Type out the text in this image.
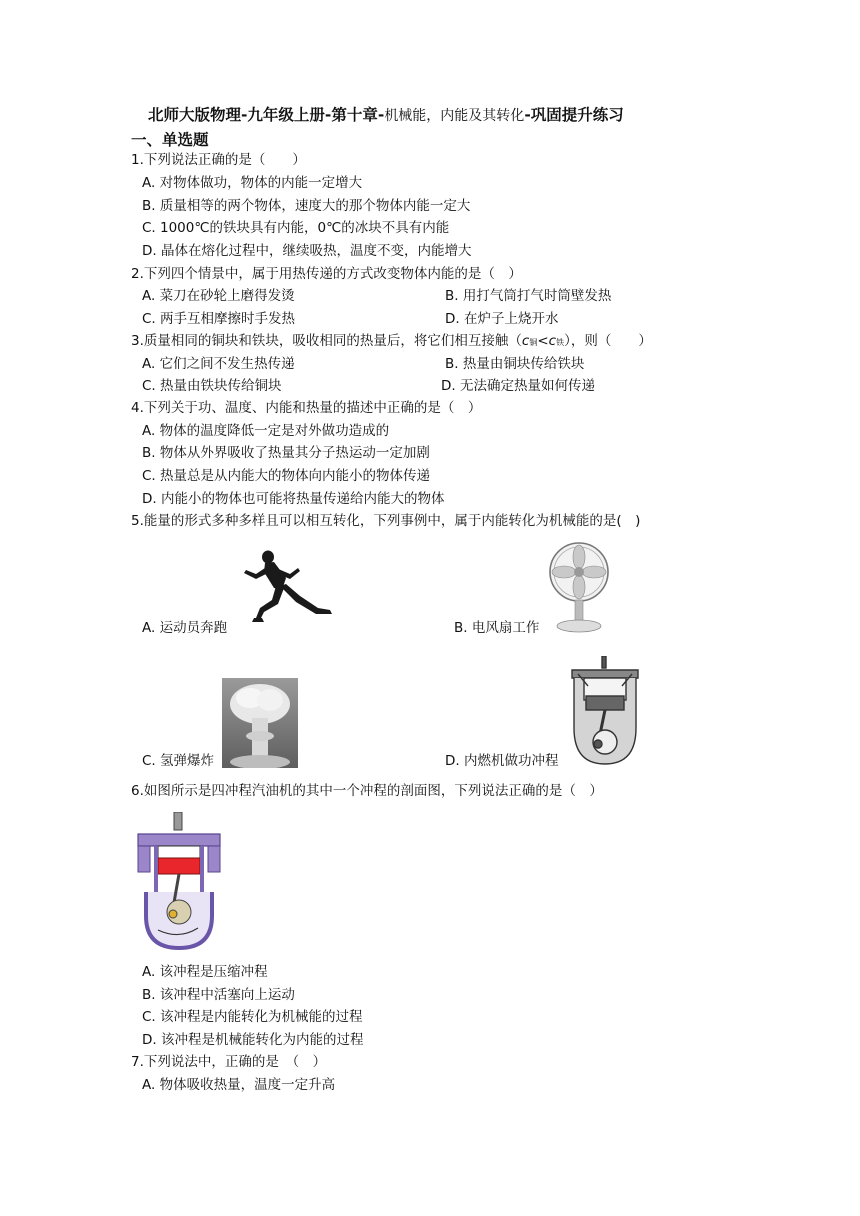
北师大版物理-九年级上册-第十章-机械能，内能及其转化-巩固提升练习
一、单选题
1.下列说法正确的是（　　）
A. 对物体做功，物体的内能一定增大
B. 质量相等的两个物体，速度大的那个物体内能一定大
C. 1000℃的铁块具有内能，0℃的冰块不具有内能
D. 晶体在熔化过程中，继续吸热，温度不变，内能增大
2.下列四个情景中，属于用热传递的方式改变物体内能的是（　）
A. 菜刀在砂轮上磨得发烫	B. 用打气筒打气时筒壁发热
C. 两手互相摩擦时手发热	D. 在炉子上烧开水
3.质量相同的铜块和铁块，吸收相同的热量后，将它们相互接触（c铜<c铁），则（　　）
A. 它们之间不发生热传递	B. 热量由铜块传给铁块
C. 热量由铁块传给铜块	D. 无法确定热量如何传递
4.下列关于功、温度、内能和热量的描述中正确的是（　）
A. 物体的温度降低一定是对外做功造成的
B. 物体从外界吸收了热量其分子热运动一定加剧
C. 热量总是从内能大的物体向内能小的物体传递
D. 内能小的物体也可能将热量传递给内能大的物体
5.能量的形式多种多样且可以相互转化，下列事例中，属于内能转化为机械能的是(　)
A. 运动员奔跑	B. 电风扇工作
C. 氢弹爆炸	D. 内燃机做功冲程
6.如图所示是四冲程汽油机的其中一个冲程的剖面图，下列说法正确的是（　）
A. 该冲程是压缩冲程
B. 该冲程中活塞向上运动
C. 该冲程是内能转化为机械能的过程
D. 该冲程是机械能转化为内能的过程
7.下列说法中，正确的是　（　）
A. 物体吸收热量，温度一定升高
